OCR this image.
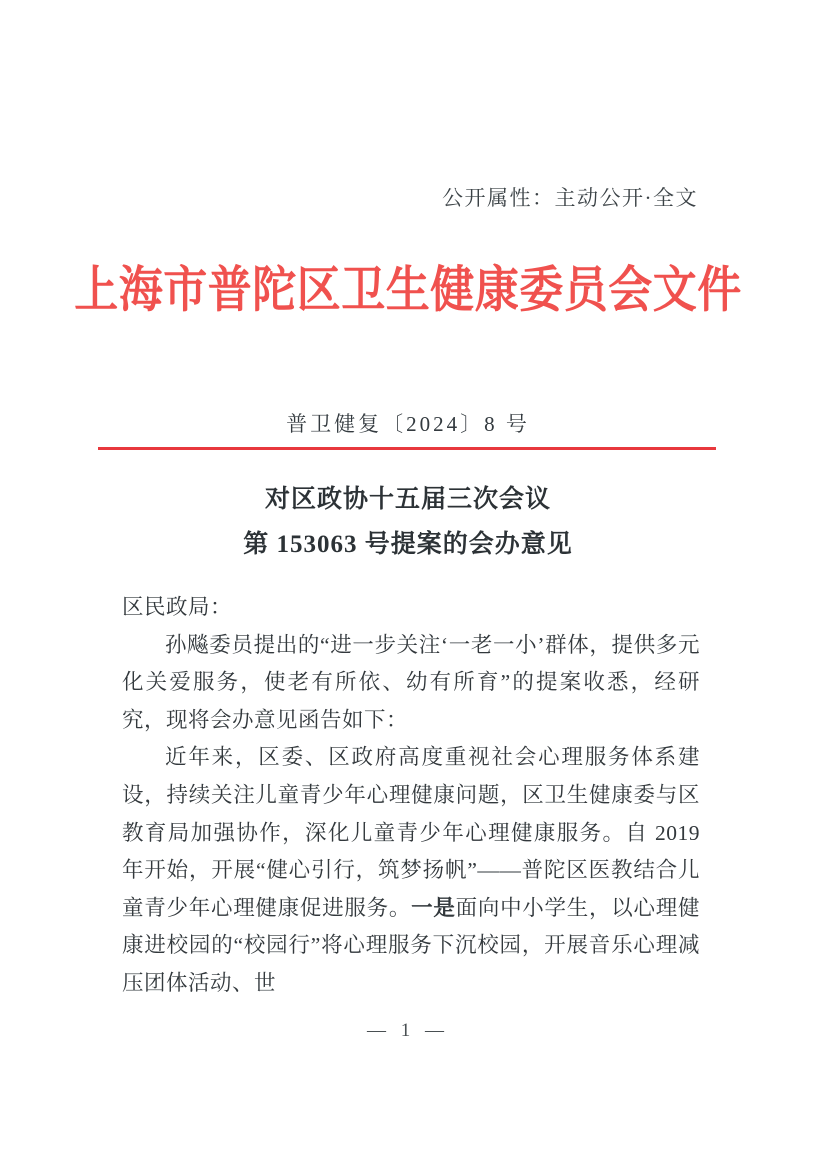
公开属性：主动公开·全文
上海市普陀区卫生健康委员会文件
普卫健复〔2024〕8 号
对区政协十五届三次会议
第 153063 号提案的会办意见

区民政局：

孙飚委员提出的“进一步关注‘一老一小’群体，提供多元化关爱服务，使老有所依、幼有所育”的提案收悉，经研究，现将会办意见函告如下：

近年来，区委、区政府高度重视社会心理服务体系建设，持续关注儿童青少年心理健康问题，区卫生健康委与区教育局加强协作，深化儿童青少年心理健康服务。自 2019 年开始，开展“健心引行，筑梦扬帆”——普陀区医教结合儿童青少年心理健康促进服务。一是面向中小学生，以心理健康进校园的“校园行”将心理服务下沉校园，开展音乐心理减压团体活动、世

— 1 —
